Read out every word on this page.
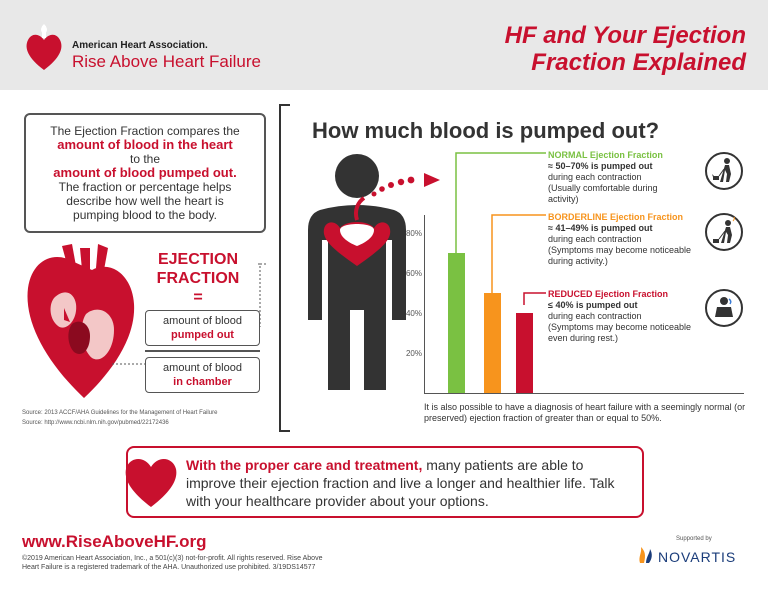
American Heart Association.
Rise Above Heart Failure
HF and Your Ejection
Fraction Explained
The Ejection Fraction compares the
amount of blood in the heart
to the
amount of blood pumped out.
The fraction or percentage helps
describe how well the heart is
pumping blood to the body.
EJECTION
FRACTION
=
amount of blood
pumped out
amount of blood
in chamber
Source: 2013 ACCF/AHA Guidelines for the Management of Heart Failure
Source: http://www.ncbi.nlm.nih.gov/pubmed/22172436
How much blood is pumped out?
80%
60%
40%
20%
NORMAL Ejection Fraction
≈ 50–70% is pumped out
during each contraction
(Usually comfortable during
activity)
BORDERLINE Ejection Fraction
≈ 41–49% is pumped out
during each contraction
(Symptoms may become noticeable
during activity.)
REDUCED Ejection Fraction
≤ 40% is pumped out
during each contraction
(Symptoms may become noticeable
even during rest.)
It is also possible to have a diagnosis of heart failure with a seemingly normal (or preserved) ejection fraction of greater than or equal to 50%.
With the proper care and treatment, many patients are able to improve their ejection fraction and live a longer and healthier life. Talk with your healthcare provider about your options.
www.RiseAboveHF.org
©2019 American Heart Association, Inc., a 501(c)(3) not-for-profit. All rights reserved. Rise Above
Heart Failure is a registered trademark of the AHA. Unauthorized use prohibited. 3/19DS14577
Supported by
NOVARTIS
